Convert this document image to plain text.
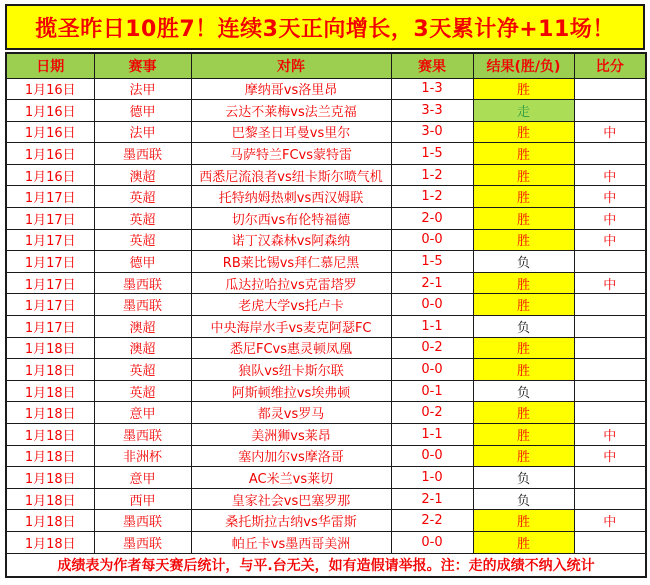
揽圣昨日10胜7！连续3天正向增长，3天累计净+11场！
日期	赛事	对阵	赛果	结果(胜/负)	比分
1月16日	法甲	摩纳哥vs洛里昂	1-3	胜	
1月16日	德甲	云达不莱梅vs法兰克福	3-3	走	
1月16日	法甲	巴黎圣日耳曼vs里尔	3-0	胜	中
1月16日	墨西联	马萨特兰FCvs蒙特雷	1-5	胜	
1月16日	澳超	西悉尼流浪者vs纽卡斯尔喷气机	1-2	胜	中
1月17日	英超	托特纳姆热刺vs西汉姆联	1-2	胜	中
1月17日	英超	切尔西vs布伦特福德	2-0	胜	中
1月17日	英超	诺丁汉森林vs阿森纳	0-0	胜	中
1月17日	德甲	RB莱比锡vs拜仁慕尼黑	1-5	负	
1月17日	墨西联	瓜达拉哈拉vs克雷塔罗	2-1	胜	中
1月17日	墨西联	老虎大学vs托卢卡	0-0	胜	
1月17日	澳超	中央海岸水手vs麦克阿瑟FC	1-1	负	
1月18日	澳超	悉尼FCvs惠灵顿凤凰	0-2	胜	
1月18日	英超	狼队vs纽卡斯尔联	0-0	胜	
1月18日	英超	阿斯顿维拉vs埃弗顿	0-1	负	
1月18日	意甲	都灵vs罗马	0-2	胜	
1月18日	墨西联	美洲狮vs莱昂	1-1	胜	中
1月18日	非洲杯	塞内加尔vs摩洛哥	0-0	胜	中
1月18日	意甲	AC米兰vs莱切	1-0	负	
1月18日	西甲	皇家社会vs巴塞罗那	2-1	负	
1月18日	墨西联	桑托斯拉古纳vs华雷斯	2-2	胜	中
1月18日	墨西联	帕丘卡vs墨西哥美洲	0-0	胜	
成绩表为作者每天赛后统计，与平.台无关，如有造假请举报。注：走的成绩不纳入统计					
